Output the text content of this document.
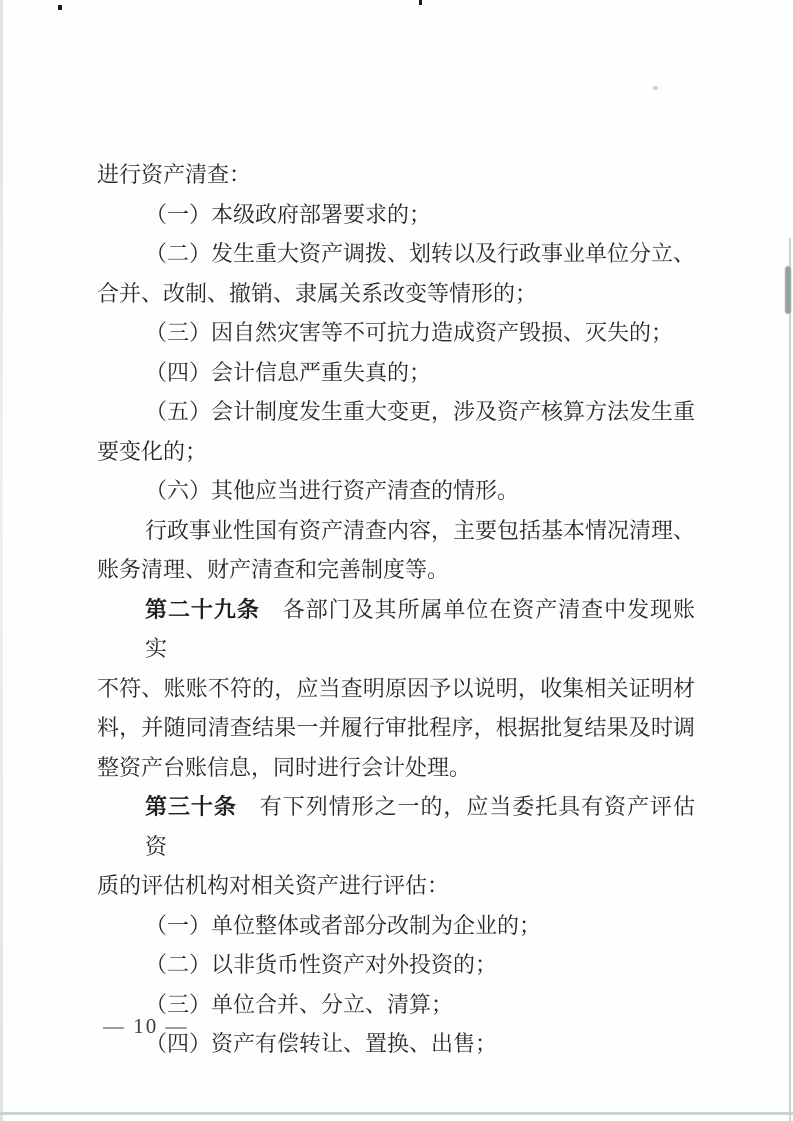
进行资产清查：
（一）本级政府部署要求的；
（二）发生重大资产调拨、划转以及行政事业单位分立、
合并、改制、撤销、隶属关系改变等情形的；
（三）因自然灾害等不可抗力造成资产毁损、灭失的；
（四）会计信息严重失真的；
（五）会计制度发生重大变更，涉及资产核算方法发生重
要变化的；
（六）其他应当进行资产清查的情形。
行政事业性国有资产清查内容，主要包括基本情况清理、
账务清理、财产清查和完善制度等。
第二十九条　各部门及其所属单位在资产清查中发现账实
不符、账账不符的，应当查明原因予以说明，收集相关证明材
料，并随同清查结果一并履行审批程序，根据批复结果及时调
整资产台账信息，同时进行会计处理。
第三十条　有下列情形之一的，应当委托具有资产评估资
质的评估机构对相关资产进行评估：
（一）单位整体或者部分改制为企业的；
（二）以非货币性资产对外投资的；
（三）单位合并、分立、清算；
（四）资产有偿转让、置换、出售；
— 10 —
